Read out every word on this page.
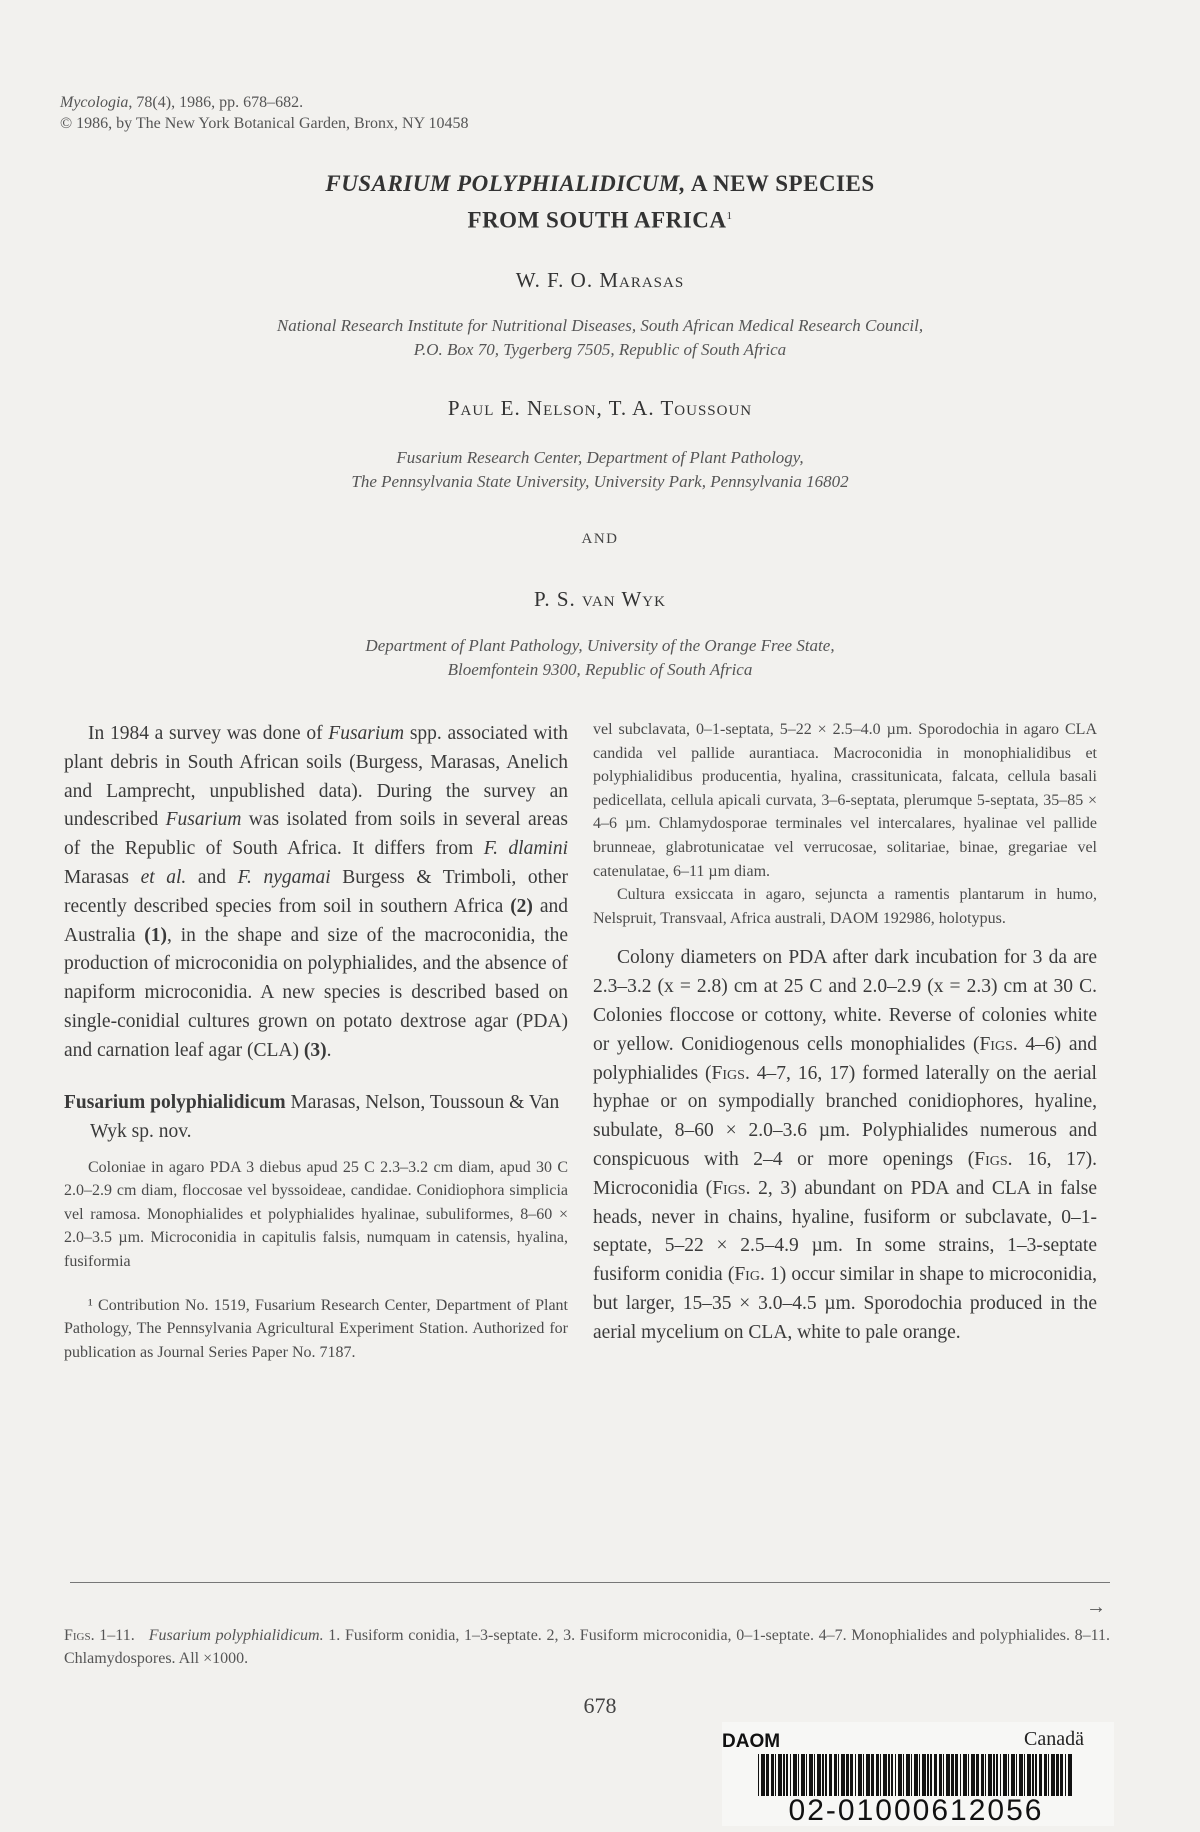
Mycologia, 78(4), 1986, pp. 678–682.
© 1986, by The New York Botanical Garden, Bronx, NY 10458
FUSARIUM POLYPHIALIDICUM, A NEW SPECIES
FROM SOUTH AFRICA$^1$
W. F. O. Marasas
National Research Institute for Nutritional Diseases, South African Medical Research Council,
P.O. Box 70, Tygerberg 7505, Republic of South Africa
Paul E. Nelson, T. A. Toussoun
Fusarium Research Center, Department of Plant Pathology,
The Pennsylvania State University, University Park, Pennsylvania 16802
AND
P. S. van Wyk
Department of Plant Pathology, University of the Orange Free State,
Bloemfontein 9300, Republic of South Africa

In 1984 a survey was done of Fusarium spp. associated with plant debris in South African soils (Burgess, Marasas, Anelich and Lamprecht, unpublished data). During the survey an undescribed Fusarium was isolated from soils in several areas of the Republic of South Africa. It differs from F. dlamini Marasas et al. and F. nygamai Burgess & Trimboli, other recently described species from soil in southern Africa (2) and Australia (1), in the shape and size of the macroconidia, the production of microconidia on polyphialides, and the absence of napiform microconidia. A new species is described based on single-conidial cultures grown on potato dextrose agar (PDA) and carnation leaf agar (CLA) (3).

Fusarium polyphialidicum Marasas, Nelson, Toussoun & Van Wyk sp. nov.

Coloniae in agaro PDA 3 diebus apud 25 C 2.3–3.2 cm diam, apud 30 C 2.0–2.9 cm diam, floccosae vel byssoideae, candidae. Conidiophora simplicia vel ramosa. Monophialides et polyphialides hyalinae, subuliformes, 8–60 × 2.0–3.5 µm. Microconidia in capitulis falsis, numquam in catensis, hyalina, fusiformia

¹ Contribution No. 1519, Fusarium Research Center, Department of Plant Pathology, The Pennsylvania Agricultural Experiment Station. Authorized for publication as Journal Series Paper No. 7187.

vel subclavata, 0–1-septata, 5–22 × 2.5–4.0 µm. Sporodochia in agaro CLA candida vel pallide aurantiaca. Macroconidia in monophialidibus et polyphialidibus producentia, hyalina, crassitunicata, falcata, cellula basali pedicellata, cellula apicali curvata, 3–6-septata, plerumque 5-septata, 35–85 × 4–6 µm. Chlamydosporae terminales vel intercalares, hyalinae vel pallide brunneae, glabrotunicatae vel verrucosae, solitariae, binae, gregariae vel catenulatae, 6–11 µm diam.

Cultura exsiccata in agaro, sejuncta a ramentis plantarum in humo, Nelspruit, Transvaal, Africa australi, DAOM 192986, holotypus.

Colony diameters on PDA after dark incubation for 3 da are 2.3–3.2 (x = 2.8) cm at 25 C and 2.0–2.9 (x = 2.3) cm at 30 C. Colonies floccose or cottony, white. Reverse of colonies white or yellow. Conidiogenous cells monophialides (Figs. 4–6) and polyphialides (Figs. 4–7, 16, 17) formed laterally on the aerial hyphae or on sympodially branched conidiophores, hyaline, subulate, 8–60 × 2.0–3.6 µm. Polyphialides numerous and conspicuous with 2–4 or more openings (Figs. 16, 17). Microconidia (Figs. 2, 3) abundant on PDA and CLA in false heads, never in chains, hyaline, fusiform or subclavate, 0–1-septate, 5–22 × 2.5–4.9 µm. In some strains, 1–3-septate fusiform conidia (Fig. 1) occur similar in shape to microconidia, but larger, 15–35 × 3.0–4.5 µm. Sporodochia produced in the aerial mycelium on CLA, white to pale orange.

→
Figs. 1–11. Fusarium polyphialidicum. 1. Fusiform conidia, 1–3-septate. 2, 3. Fusiform microconidia, 0–1-septate. 4–7. Monophialides and polyphialides. 8–11. Chlamydospores. All ×1000.
678
DAOM	Canadä
02-01000612056
